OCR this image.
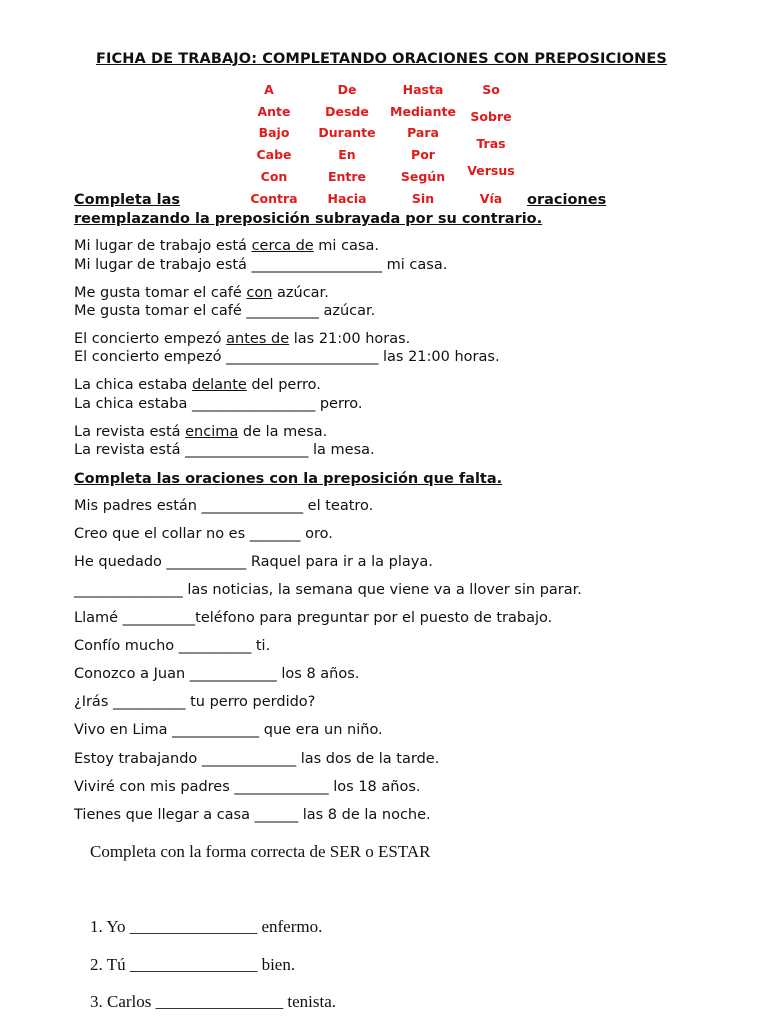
FICHA DE TRABAJO: COMPLETANDO ORACIONES CON PREPOSICIONES
A
Ante
Bajo
Cabe
Con
Contra
De
Desde
Durante
En
Entre
Hacia
Hasta
Mediante
Para
Por
Según
Sin
So
Sobre
Tras
Versus
Vía
Completa las	oraciones
reemplazando la preposición subrayada por su contrario.
Mi lugar de trabajo está cerca de mi casa.
Mi lugar de trabajo está __________________ mi casa.
Me gusta tomar el café con azúcar.
Me gusta tomar el café __________ azúcar.
El concierto empezó antes de las 21:00 horas.
El concierto empezó _____________________ las 21:00 horas.
La chica estaba delante del perro.
La chica estaba _________________ perro.
La revista está encima de la mesa.
La revista está _________________ la mesa.
Completa las oraciones con la preposición que falta.
Mis padres están ______________ el teatro.
Creo que el collar no es _______ oro.
He quedado ___________ Raquel para ir a la playa.
_______________ las noticias, la semana que viene va a llover sin parar.
Llamé __________teléfono para preguntar por el puesto de trabajo.
Confío mucho __________ ti.
Conozco a Juan ____________ los 8 años.
¿Irás __________ tu perro perdido?
Vivo en Lima ____________ que era un niño.
Estoy trabajando _____________ las dos de la tarde.
Viviré con mis padres _____________ los 18 años.
Tienes que llegar a casa ______ las 8 de la noche.
Completa con la forma correcta de SER o ESTAR
1. Yo _______________ enfermo.
2. Tú _______________ bien.
3. Carlos _______________ tenista.
